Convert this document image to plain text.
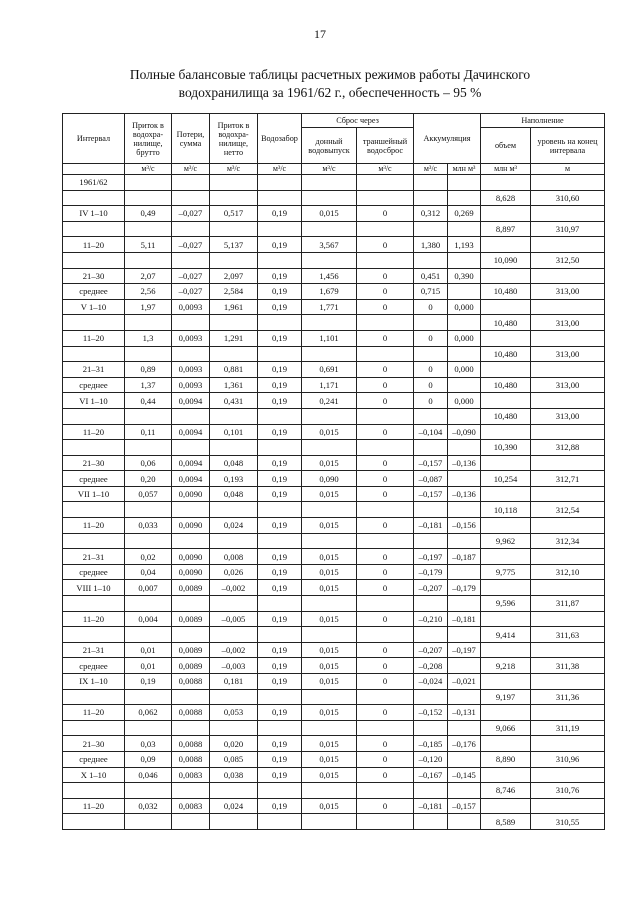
17
Полные балансовые таблицы расчетных режимов работы Дачинского
водохранилища за 1961/62 г., обеспеченность – 95 %
Интервал	Приток в водохра-нилище, брутто	Потери, сумма	Приток в водохра-нилище, нетто	Водозабор	Сброс через		Аккумуляция		Наполнение	
					донный водовыпуск	траншейный водосброс			объем	уровень на конец интервала
	м³/с	м³/с	м³/с	м³/с	м³/с	м³/с	м³/с	млн м³	млн м³	м
1961/62										
									8,628	310,60
IV 1–10	0,49	–0,027	0,517	0,19	0,015	0	0,312	0,269		
									8,897	310,97
11–20	5,11	–0,027	5,137	0,19	3,567	0	1,380	1,193		
									10,090	312,50
21–30	2,07	–0,027	2,097	0,19	1,456	0	0,451	0,390		
среднее	2,56	–0,027	2,584	0,19	1,679	0	0,715		10,480	313,00
V 1–10	1,97	0,0093	1,961	0,19	1,771	0	0	0,000		
									10,480	313,00
11–20	1,3	0,0093	1,291	0,19	1,101	0	0	0,000		
									10,480	313,00
21–31	0,89	0,0093	0,881	0,19	0,691	0	0	0,000		
среднее	1,37	0,0093	1,361	0,19	1,171	0	0		10,480	313,00
VI 1–10	0,44	0,0094	0,431	0,19	0,241	0	0	0,000		
									10,480	313,00
11–20	0,11	0,0094	0,101	0,19	0,015	0	–0,104	–0,090		
									10,390	312,88
21–30	0,06	0,0094	0,048	0,19	0,015	0	–0,157	–0,136		
среднее	0,20	0,0094	0,193	0,19	0,090	0	–0,087		10,254	312,71
VII 1–10	0,057	0,0090	0,048	0,19	0,015	0	–0,157	–0,136		
									10,118	312,54
11–20	0,033	0,0090	0,024	0,19	0,015	0	–0,181	–0,156		
									9,962	312,34
21–31	0,02	0,0090	0,008	0,19	0,015	0	–0,197	–0,187		
среднее	0,04	0,0090	0,026	0,19	0,015	0	–0,179		9,775	312,10
VIII 1–10	0,007	0,0089	–0,002	0,19	0,015	0	–0,207	–0,179		
									9,596	311,87
11–20	0,004	0,0089	–0,005	0,19	0,015	0	–0,210	–0,181		
									9,414	311,63
21–31	0,01	0,0089	–0,002	0,19	0,015	0	–0,207	–0,197		
среднее	0,01	0,0089	–0,003	0,19	0,015	0	–0,208		9,218	311,38
IX 1–10	0,19	0,0088	0,181	0,19	0,015	0	–0,024	–0,021		
									9,197	311,36
11–20	0,062	0,0088	0,053	0,19	0,015	0	–0,152	–0,131		
									9,066	311,19
21–30	0,03	0,0088	0,020	0,19	0,015	0	–0,185	–0,176		
среднее	0,09	0,0088	0,085	0,19	0,015	0	–0,120		8,890	310,96
X 1–10	0,046	0,0083	0,038	0,19	0,015	0	–0,167	–0,145		
									8,746	310,76
11–20	0,032	0,0083	0,024	0,19	0,015	0	–0,181	–0,157		
									8,589	310,55
